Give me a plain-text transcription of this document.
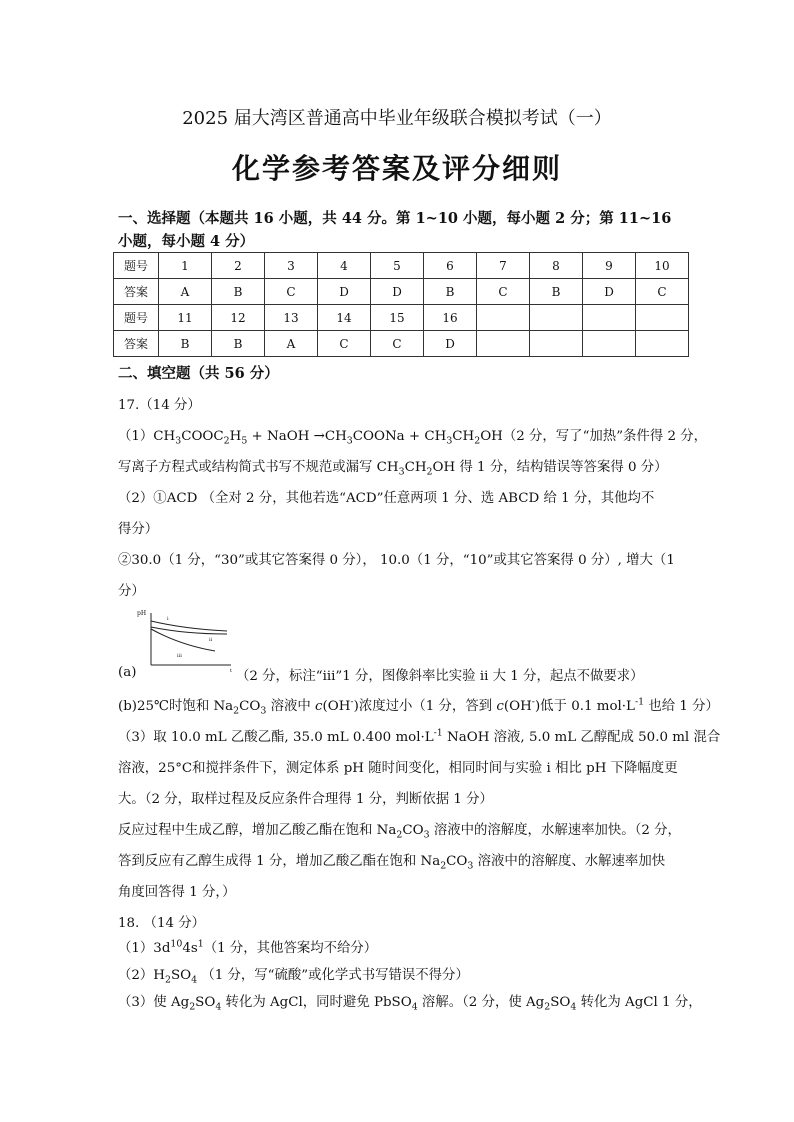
2025 届大湾区普通高中毕业年级联合模拟考试（一）
化学参考答案及评分细则
一、选择题（本题共 16 小题，共 44 分。第 1~10 小题，每小题 2 分；第 11~16
小题，每小题 4 分）
题号	1	2	3	4	5	6	7	8	9	10
答案	A	B	C	D	D	B	C	B	D	C
题号	11	12	13	14	15	16				
答案	B	B	A	C	C	D				
二、填空题（共 56 分）
17.（14 分）
$(1)CH_3COOC_2H_5$ + NaOH $\to CH_3COONa + CH_3CH_2OH(2$ 分，写了“加热”条件得 2 分，
写离子方程式或结构简式书写不规范或漏写 $CH_3CH_2OH$ 得 1 分，结构错误等答案得 0 分）
（2）①ACD （全对 2 分，其他若选“ACD”任意两项 1 分、选 ABCD 给 1 分，其他均不
得分）
②30.0（1 分，“30”或其它答案得 0 分）， 10.0（1 分，“10”或其它答案得 0 分）, 增大（1
分）
pH
i
ii
iii
t
(a)	（2 分，标注“iii”1 分，图像斜率比实验 ii 大 1 分，起点不做要求）
(b)25℃时饱和 $Na_2CO_3$ 溶液中 c(OH-)浓度过小（1 分，答到 c(OH-)低于 0.1 $mol\cdot L^{-1}$ 也给 1 分）
（3）取 10.0 mL 乙酸乙酯, 35.0 mL 0.400 $mol\cdot L^{-1}$ NaOH 溶液, 5.0 mL 乙醇配成 50.0 ml 混合
溶液，25°C和搅拌条件下，测定体系 pH 随时间变化，相同时间与实验 i 相比 pH 下降幅度更
大。（2 分，取样过程及反应条件合理得 1 分，判断依据 1 分）
反应过程中生成乙醇，增加乙酸乙酯在饱和 $Na_2CO_3$ 溶液中的溶解度，水解速率加快。（2 分，
答到反应有乙醇生成得 1 分，增加乙酸乙酯在饱和 $Na_2CO_3$ 溶液中的溶解度、水解速率加快
角度回答得 1 分，）
18. （14 分）
$(1)3d^{10}4s^1(1$ 分，其他答案均不给分）
$(2)H_2SO_4$ （1 分，写“硫酸”或化学式书写错误不得分）
（3）使 $Ag_2SO_4$ 转化为 AgCl，同时避免 PbSO$_4$ 溶解。（2 分，使 $Ag_2SO_4$ 转化为 AgCl 1 分，
